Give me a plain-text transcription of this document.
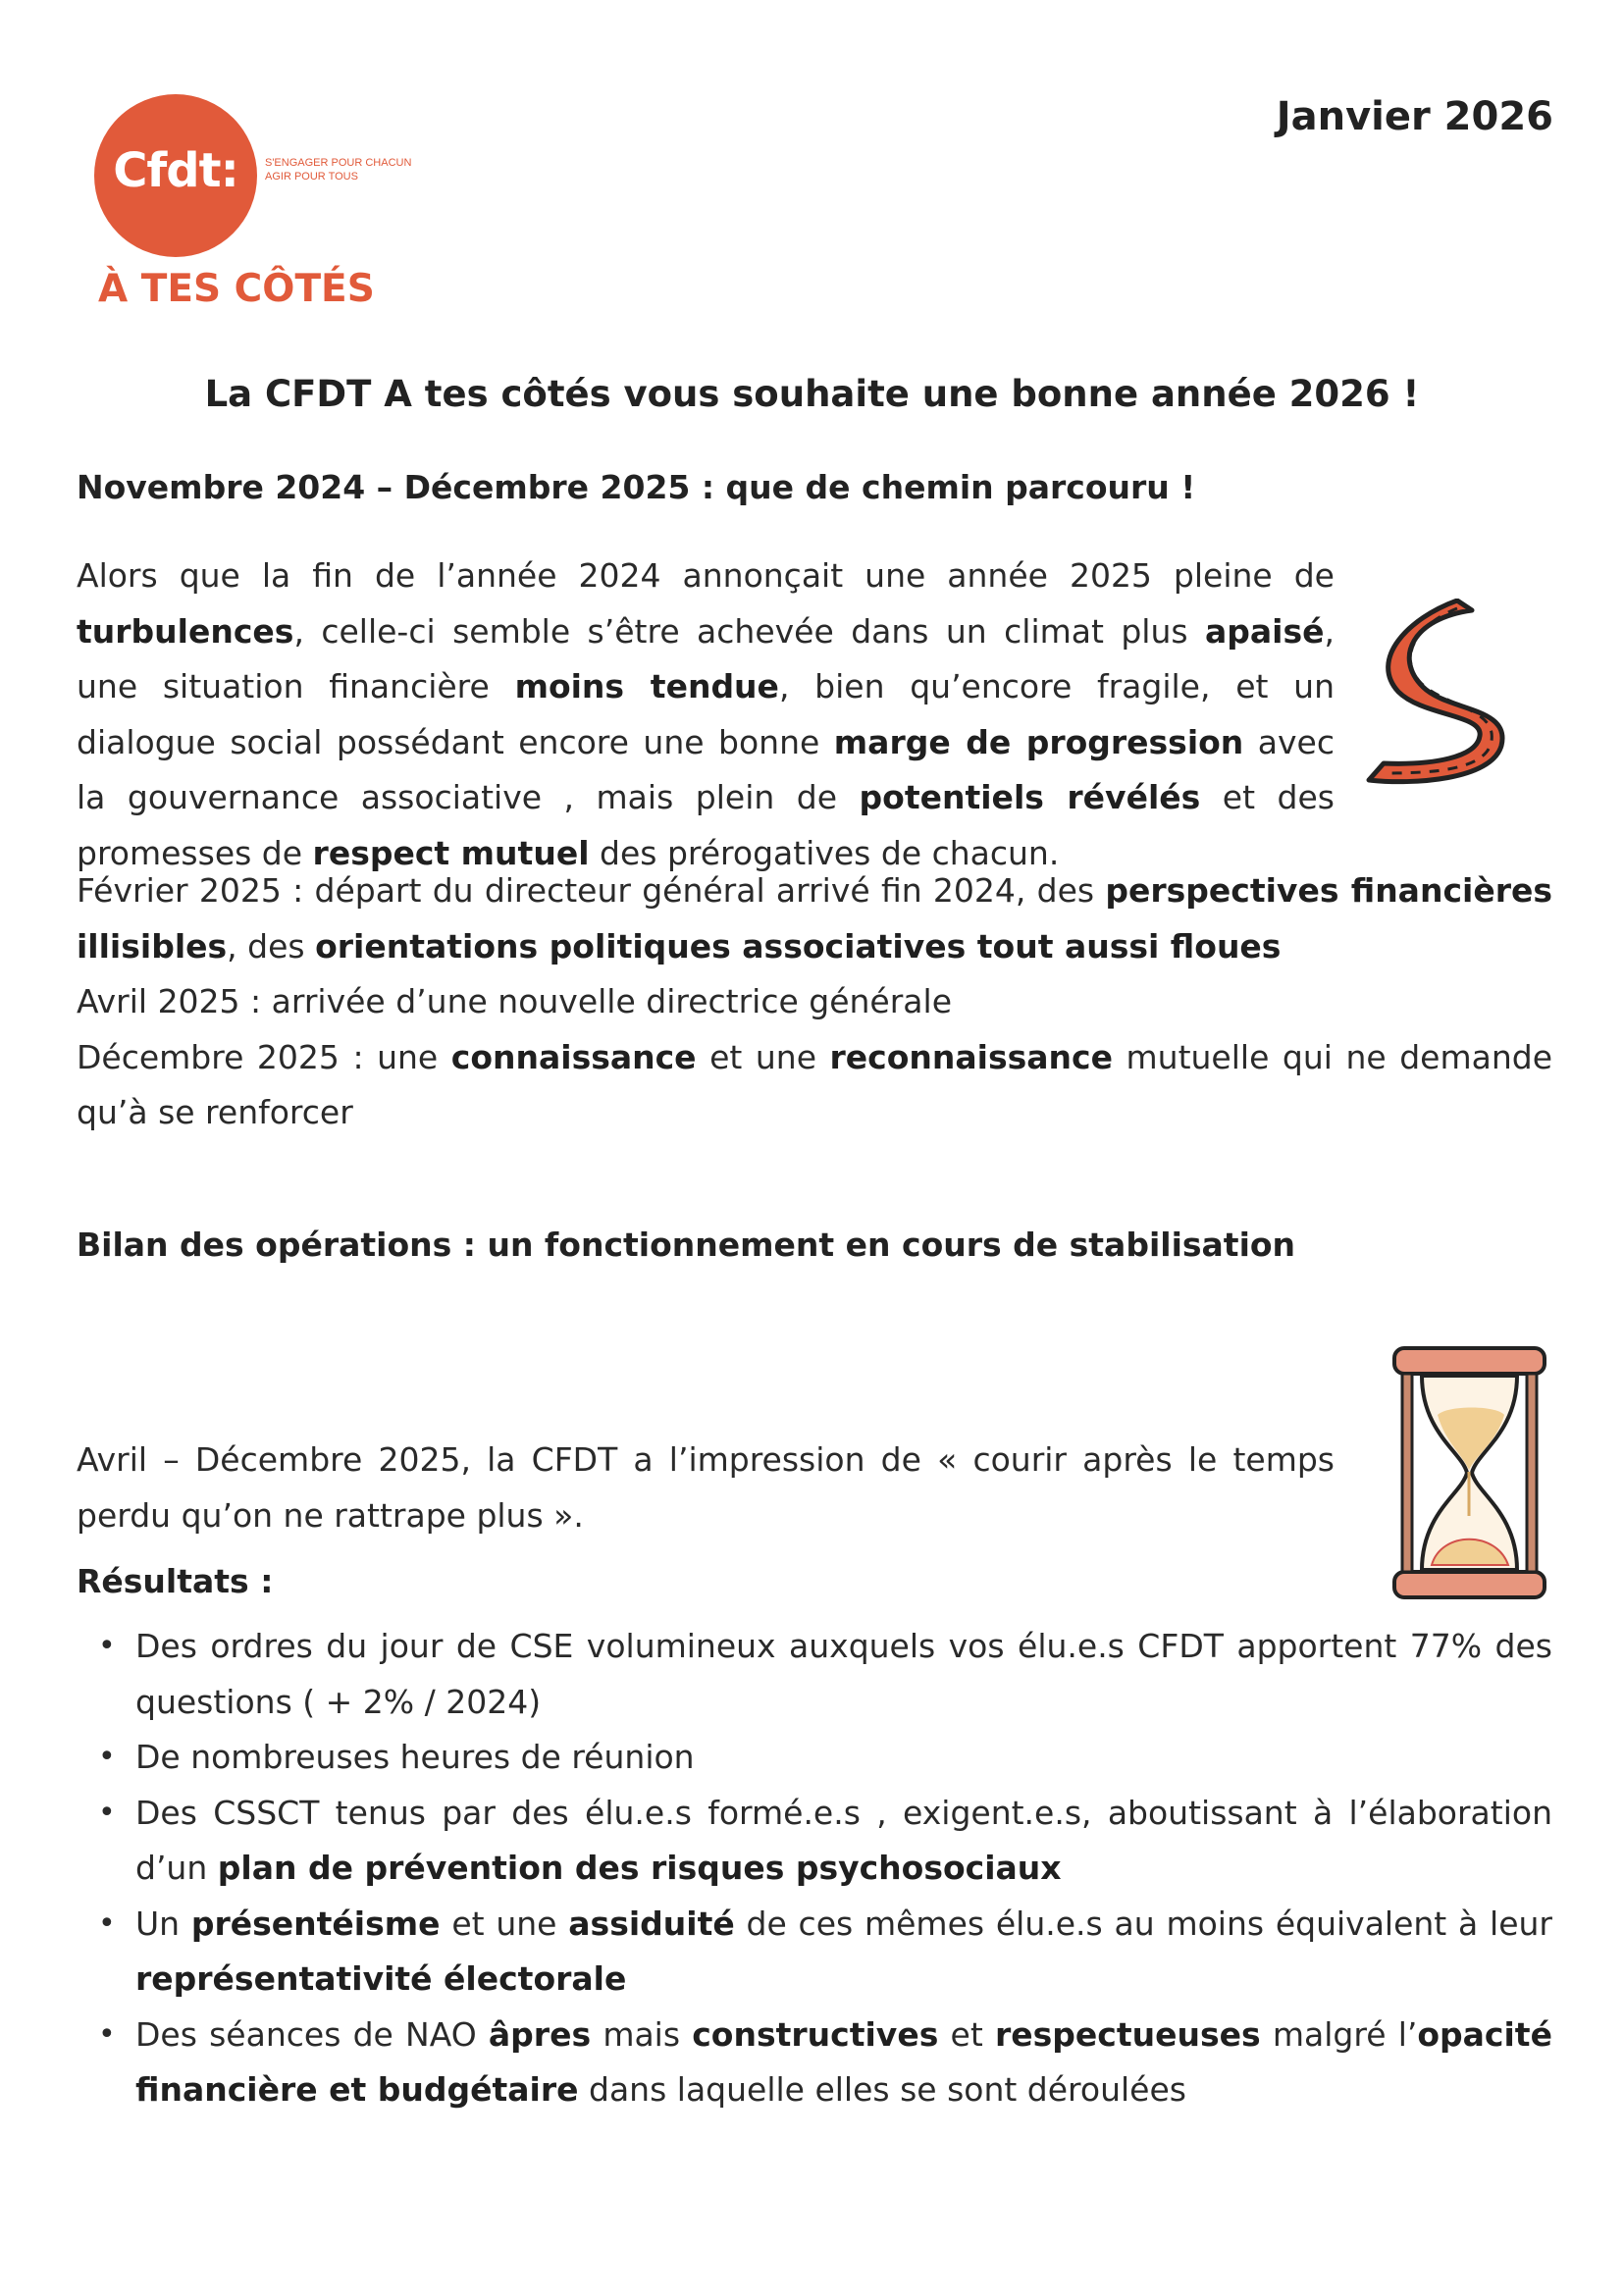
Cfdt:	S'ENGAGER POUR CHACUN
AGIR POUR TOUS
À TES CÔTÉS
Janvier 2026
La CFDT A tes côtés vous souhaite une bonne année 2026 !
Novembre 2024 – Décembre 2025 : que de chemin parcouru !
Alors que la fin de l’année 2024 annonçait une année 2025 pleine de turbulences, celle-ci semble s’être achevée dans un climat plus apaisé, une situation financière moins tendue, bien qu’encore fragile, et un dialogue social possédant encore une bonne marge de progression avec la gouvernance associative , mais plein de potentiels révélés et des promesses de respect mutuel des prérogatives de chacun.
Février 2025 : départ du directeur général arrivé fin 2024, des perspectives financières illisibles, des orientations politiques associatives tout aussi floues
Avril 2025 : arrivée d’une nouvelle directrice générale
Décembre 2025 : une connaissance et une reconnaissance mutuelle qui ne demande qu’à se renforcer
Bilan des opérations : un fonctionnement en cours de stabilisation
Avril – Décembre 2025, la CFDT a l’impression de « courir après le temps perdu qu’on ne rattrape plus ».
Résultats :
• Des ordres du jour de CSE volumineux auxquels vos élu.e.s CFDT apportent 77% des questions ( + 2% / 2024)
• De nombreuses heures de réunion
• Des CSSCT tenus par des élu.e.s formé.e.s , exigent.e.s, aboutissant à l’élaboration d’un plan de prévention des risques psychosociaux
• Un présentéisme et une assiduité de ces mêmes élu.e.s au moins équivalent à leur représentativité électorale
• Des séances de NAO âpres mais constructives et respectueuses malgré l’opacité financière et budgétaire dans laquelle elles se sont déroulées
